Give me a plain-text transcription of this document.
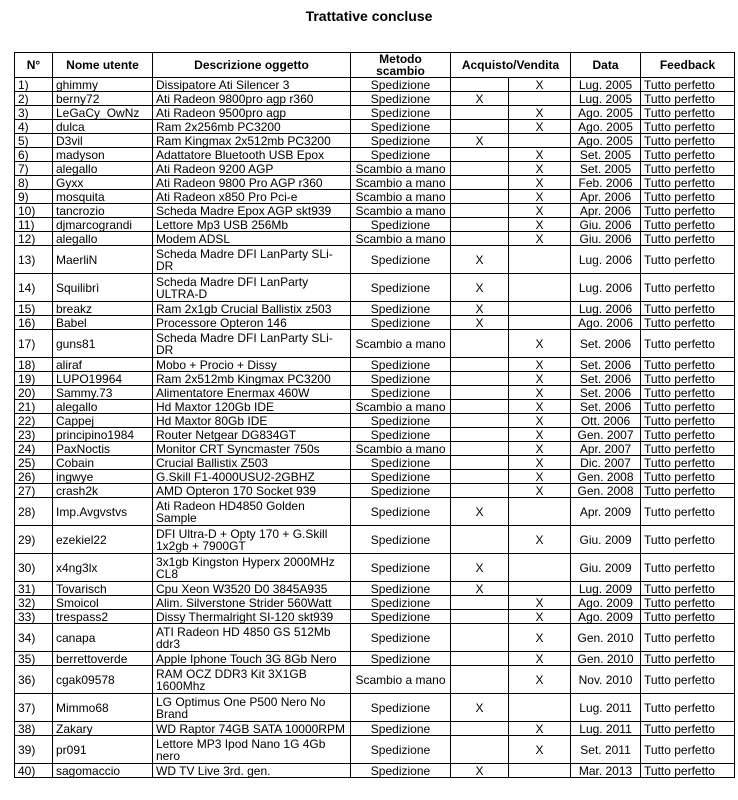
Trattative concluse
N°	Nome utente	Descrizione oggetto	Metodo scambio	Acquisto/Vendita		Data	Feedback
1)	ghimmy	Dissipatore Ati Silencer 3	Spedizione		X	Lug. 2005	Tutto perfetto
2)	berny72	Ati Radeon 9800pro agp r360	Spedizione	X		Lug. 2005	Tutto perfetto
3)	LeGaCy_OwNz	Ati Radeon 9500pro agp	Spedizione		X	Ago. 2005	Tutto perfetto
4)	dulca	Ram 2x256mb PC3200	Spedizione		X	Ago. 2005	Tutto perfetto
5)	D3vil	Ram Kingmax 2x512mb PC3200	Spedizione	X		Ago. 2005	Tutto perfetto
6)	madyson	Adattatore Bluetooth USB Epox	Spedizione		X	Set. 2005	Tutto perfetto
7)	alegallo	Ati Radeon 9200 AGP	Scambio a mano		X	Set. 2005	Tutto perfetto
8)	Gyxx	Ati Radeon 9800 Pro AGP r360	Scambio a mano		X	Feb. 2006	Tutto perfetto
9)	mosquita	Ati Radeon x850 Pro Pci-e	Scambio a mano		X	Apr. 2006	Tutto perfetto
10)	tancrozio	Scheda Madre Epox AGP skt939	Scambio a mano		X	Apr. 2006	Tutto perfetto
11)	djmarcograndi	Lettore Mp3 USB 256Mb	Spedizione		X	Giu. 2006	Tutto perfetto
12)	alegallo	Modem ADSL	Scambio a mano		X	Giu. 2006	Tutto perfetto
13)	MaerliN	Scheda Madre DFI LanParty SLi-DR	Spedizione	X		Lug. 2006	Tutto perfetto
14)	Squilibrì	Scheda Madre DFI LanParty ULTRA-D	Spedizione	X		Lug. 2006	Tutto perfetto
15)	breakz	Ram 2x1gb Crucial Ballistix z503	Spedizione	X		Lug. 2006	Tutto perfetto
16)	Babel	Processore Opteron 146	Spedizione	X		Ago. 2006	Tutto perfetto
17)	guns81	Scheda Madre DFI LanParty SLi-DR	Scambio a mano		X	Set. 2006	Tutto perfetto
18)	aliraf	Mobo + Procio + Dissy	Spedizione		X	Set. 2006	Tutto perfetto
19)	LUPO19964	Ram 2x512mb Kingmax PC3200	Spedizione		X	Set. 2006	Tutto perfetto
20)	Sammy.73	Alimentatore Enermax 460W	Spedizione		X	Set. 2006	Tutto perfetto
21)	alegallo	Hd Maxtor 120Gb IDE	Scambio a mano		X	Set. 2006	Tutto perfetto
22)	Cappej	Hd Maxtor 80Gb IDE	Spedizione		X	Ott. 2006	Tutto perfetto
23)	principino1984	Router Netgear DG834GT	Spedizione		X	Gen. 2007	Tutto perfetto
24)	PaxNoctis	Monitor CRT Syncmaster 750s	Scambio a mano		X	Apr. 2007	Tutto perfetto
25)	Cobain	Crucial Ballistix Z503	Spedizione		X	Dic. 2007	Tutto perfetto
26)	ingwye	G.Skill F1-4000USU2-2GBHZ	Spedizione		X	Gen. 2008	Tutto perfetto
27)	crash2k	AMD Opteron 170 Socket 939	Spedizione		X	Gen. 2008	Tutto perfetto
28)	Imp.Avgvstvs	Ati Radeon HD4850 Golden Sample	Spedizione	X		Apr. 2009	Tutto perfetto
29)	ezekiel22	DFI Ultra-D + Opty 170 + G.Skill 1x2gb + 7900GT	Spedizione		X	Giu. 2009	Tutto perfetto
30)	x4ng3lx	3x1gb Kingston Hyperx 2000MHz CL8	Spedizione	X		Giu. 2009	Tutto perfetto
31)	Tovarisch	Cpu Xeon W3520 D0 3845A935	Spedizione	X		Lug. 2009	Tutto perfetto
32)	Smoicol	Alim. Silverstone Strider 560Watt	Spedizione		X	Ago. 2009	Tutto perfetto
33)	trespass2	Dissy Thermalright SI-120 skt939	Spedizione		X	Ago. 2009	Tutto perfetto
34)	canapa	ATI Radeon HD 4850 GS 512Mb ddr3	Spedizione		X	Gen. 2010	Tutto perfetto
35)	berrettoverde	Apple Iphone Touch 3G 8Gb Nero	Spedizione		X	Gen. 2010	Tutto perfetto
36)	cgak09578	RAM OCZ DDR3 Kit 3X1GB 1600Mhz	Scambio a mano		X	Nov. 2010	Tutto perfetto
37)	Mimmo68	LG Optimus One P500 Nero No Brand	Spedizione	X		Lug. 2011	Tutto perfetto
38)	Zakary	WD Raptor 74GB SATA 10000RPM	Spedizione		X	Lug. 2011	Tutto perfetto
39)	pr091	Lettore MP3 Ipod Nano 1G 4Gb nero	Spedizione		X	Set. 2011	Tutto perfetto
40)	sagomaccio	WD TV Live 3rd. gen.	Spedizione	X		Mar. 2013	Tutto perfetto
